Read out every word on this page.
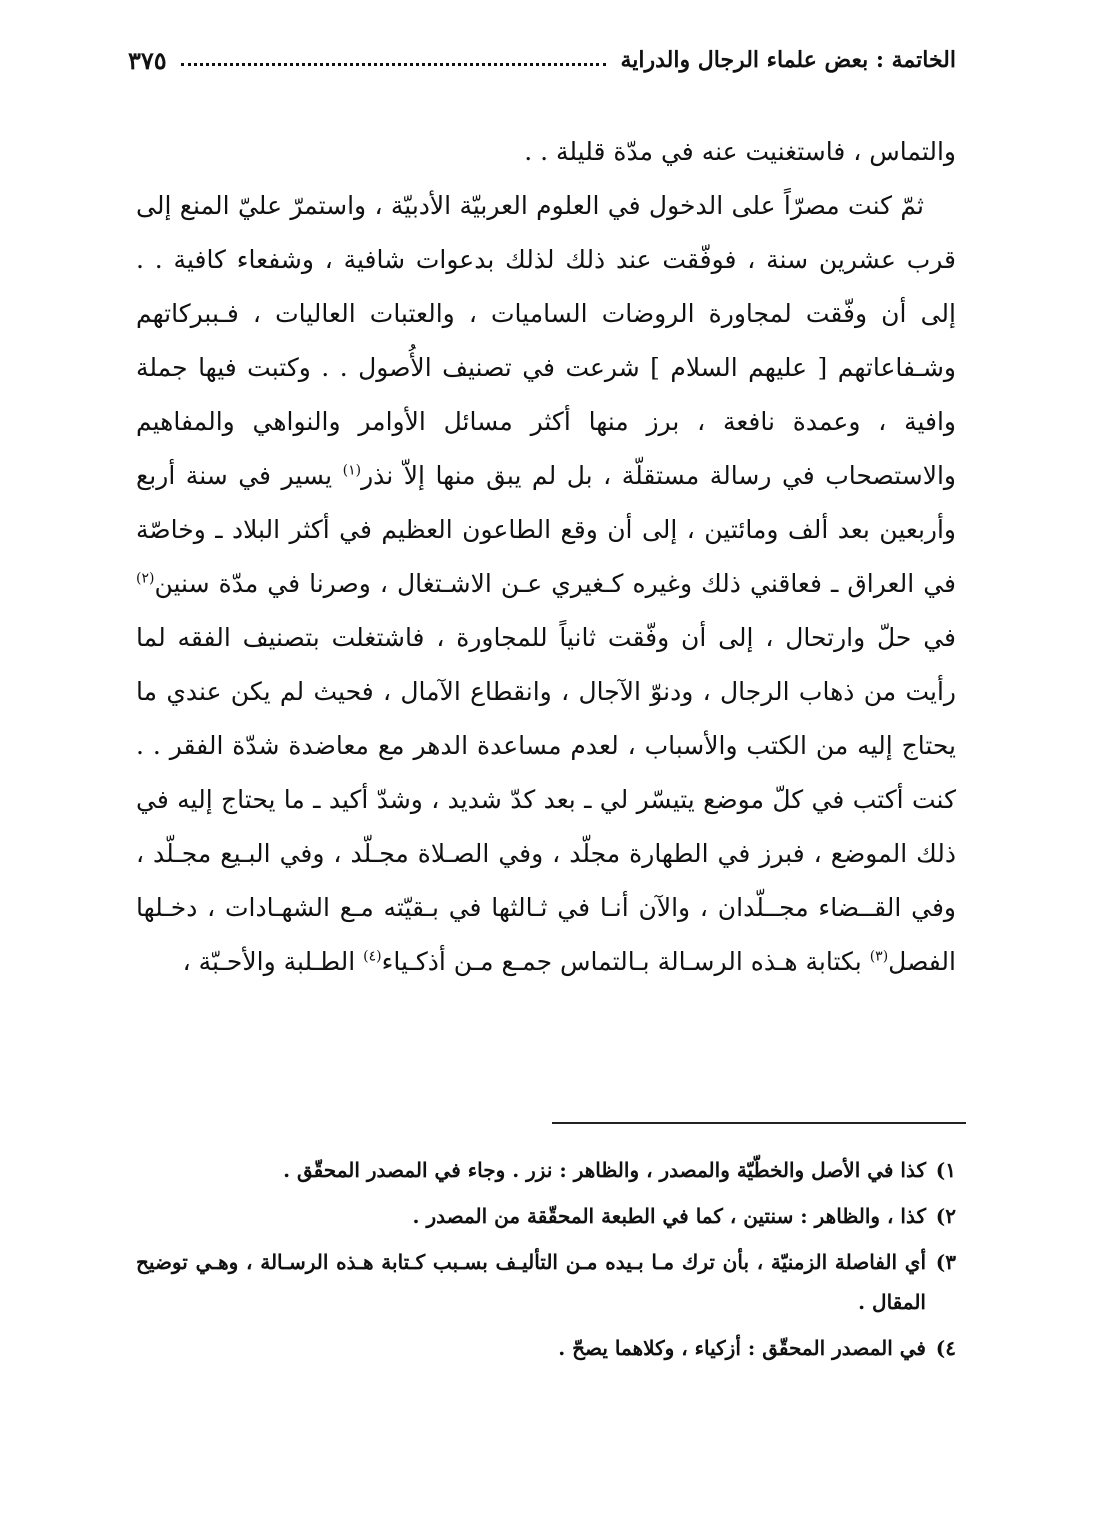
الخاتمة : بعض علماء الرجال والدراية
٣٧٥

والتماس ، فاستغنيت عنه في مدّة قليلة . .

ثمّ كنت مصرّاً على الدخول في العلوم العربيّة الأدبيّة ، واستمرّ عليّ المنع إلى قرب عشرين سنة ، فوفّقت عند ذلك لذلك بدعوات شافية ، وشفعاء كافية . . إلى أن وفّقت لمجاورة الروضات الساميات ، والعتبات العاليات ، فـببركاتهم وشـفاعاتهم [ عليهم السلام ] شرعت في تصنيف الأُصول . . وكتبت فيها جملة وافية ، وعمدة نافعة ، برز منها أكثر مسائل الأوامر والنواهي والمفاهيم والاستصحاب في رسالة مستقلّة ، بل لم يبق منها إلاّ نذر$^{(١)}$ يسير في سنة أربع وأربعين بعد ألف ومائتين ، إلى أن وقع الطاعون العظيم في أكثر البلاد ـ وخاصّة في العراق ـ فعاقني ذلك وغيره كـغيري عـن الاشـتغال ، وصرنا في مدّة سنين$^{(٢)}$ في حلّ وارتحال ، إلى أن وفّقت ثانياً للمجاورة ، فاشتغلت بتصنيف الفقه لما رأيت من ذهاب الرجال ، ودنوّ الآجال ، وانقطاع الآمال ، فحيث لم يكن عندي ما يحتاج إليه من الكتب والأسباب ، لعدم مساعدة الدهر مع معاضدة شدّة الفقر . . كنت أكتب في كلّ موضع يتيسّر لي ـ بعد كدّ شديد ، وشدّ أكيد ـ ما يحتاج إليه في ذلك الموضع ، فبرز في الطهارة مجلّد ، وفي الصـلاة مجـلّد ، وفي البـيع مجـلّد ، وفي القــضاء مجــلّدان ، والآن أنـا في ثـالثها في بـقيّته مـع الشهـادات ، دخـلها الفصل$^{(٣)}$ بكتابة هـذه الرسـالة بـالتماس جمـع مـن أذكـياء$^{(٤)}$ الطـلبة والأحـبّة ،

١)
كذا في الأصل والخطّيّة والمصدر ، والظاهر : نزر . وجاء في المصدر المحقّق .
٢)
كذا ، والظاهر : سنتين ، كما في الطبعة المحقّقة من المصدر .
٣)
أي الفاصلة الزمنيّة ، بأن ترك مـا بـيده مـن التأليـف بسـبب كـتابة هـذه الرسـالة ، وهـي توضيح المقال .
٤)
في المصدر المحقّق : أزكياء ، وكلاهما يصحّ .
